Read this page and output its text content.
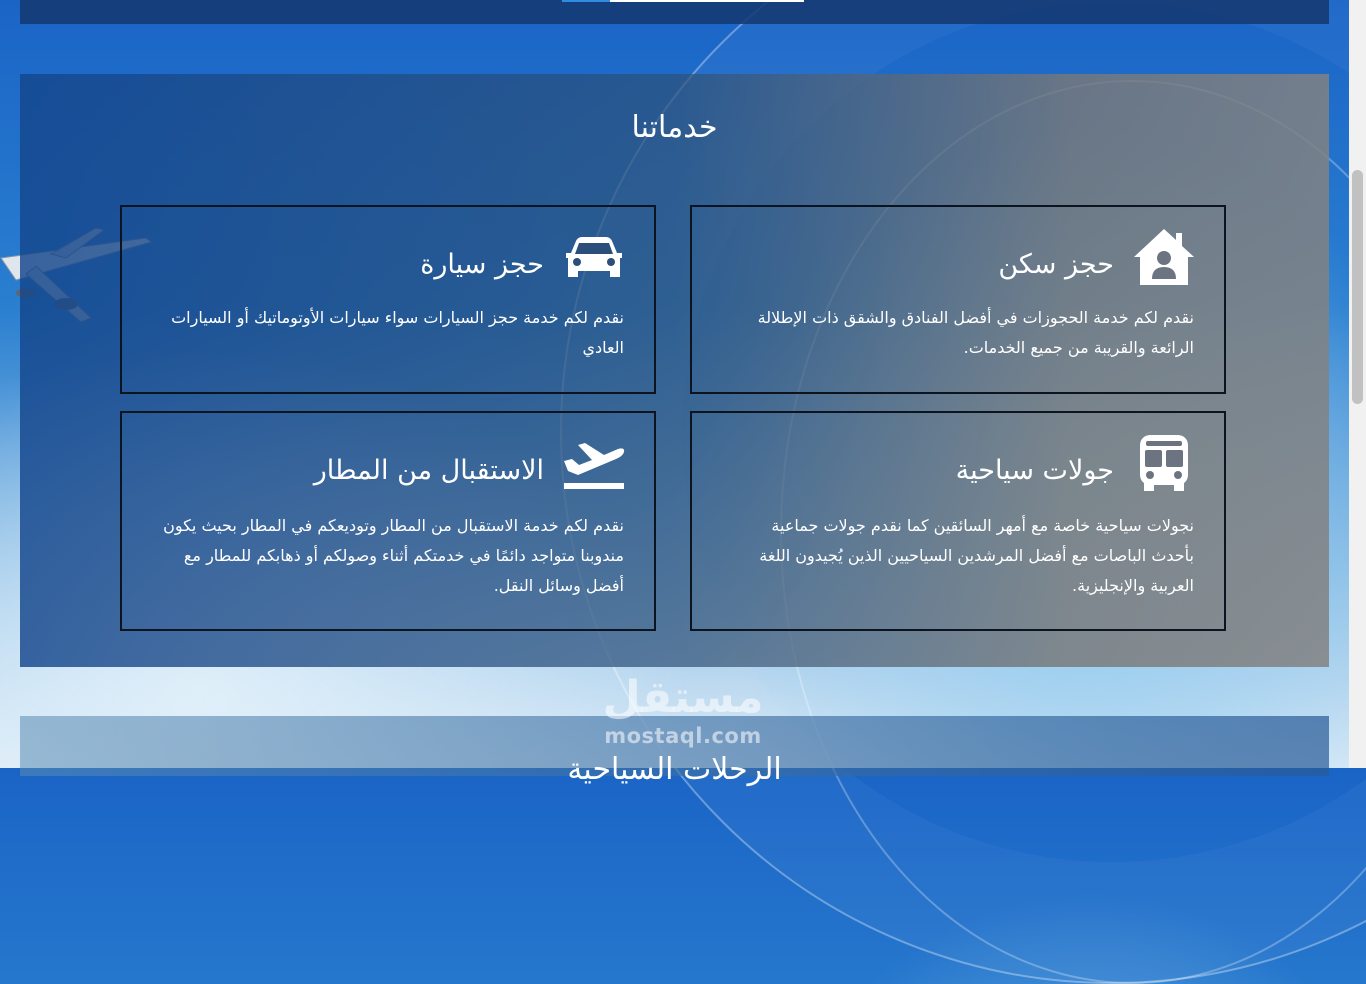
خدماتنا
حجز سكن

نقدم لكم خدمة الحجوزات في أفضل الفنادق والشقق ذات الإطلالة الرائعة والقريبة من جميع الخدمات.

حجز سيارة

نقدم لكم خدمة حجز السيارات سواء سيارات الأوتوماتيك أو السيارات العادي

جولات سياحية

نجولات سياحية خاصة مع أمهر السائقين كما نقدم جولات جماعية بأحدث الباصات مع أفضل المرشدين السياحيين الذين يُجيدون اللغة العربية والإنجليزية.

الاستقبال من المطار

نقدم لكم خدمة الاستقبال من المطار وتوديعكم في المطار بحيث يكون مندوبنا متواجد دائمًا في خدمتكم أثناء وصولكم أو ذهابكم للمطار مع أفضل وسائل النقل.

الرحلات السياحية
مستقل
mostaql.com
